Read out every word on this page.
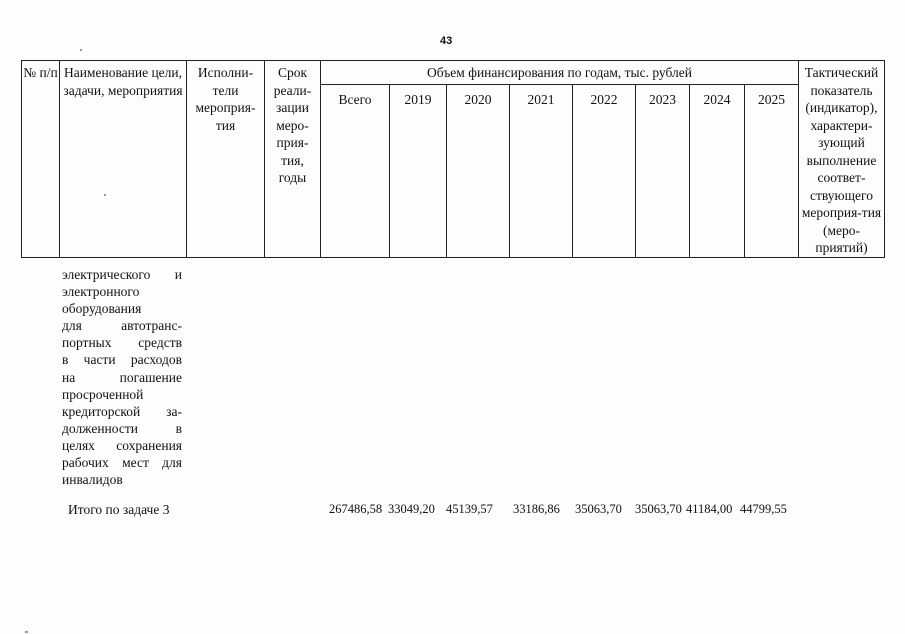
43
№ п/п	Наименование цели, задачи, мероприятия	Исполни-тели мероприя-тия	Срок реали-зации меро-прия-тия, годы	Объем финансирования по годам, тыс. рублей								Тактический показатель (индикатор), характери-зующий выполнение соответ-ствующего мероприя-тия (меро-приятий)
				Всего	2019	2020	2021	2022	2023	2024	2025	
электрического и
электронного
оборудования
для автотранс-
портных средств
в части расходов
на погашение
просроченной
кредиторской за-
долженности в
целях сохранения
рабочих мест для
инвалидов
Итого по задаче 3	267486,58 33049,20 45139,57 33186,86 35063,70 35063,70 41184,00 44799,55
